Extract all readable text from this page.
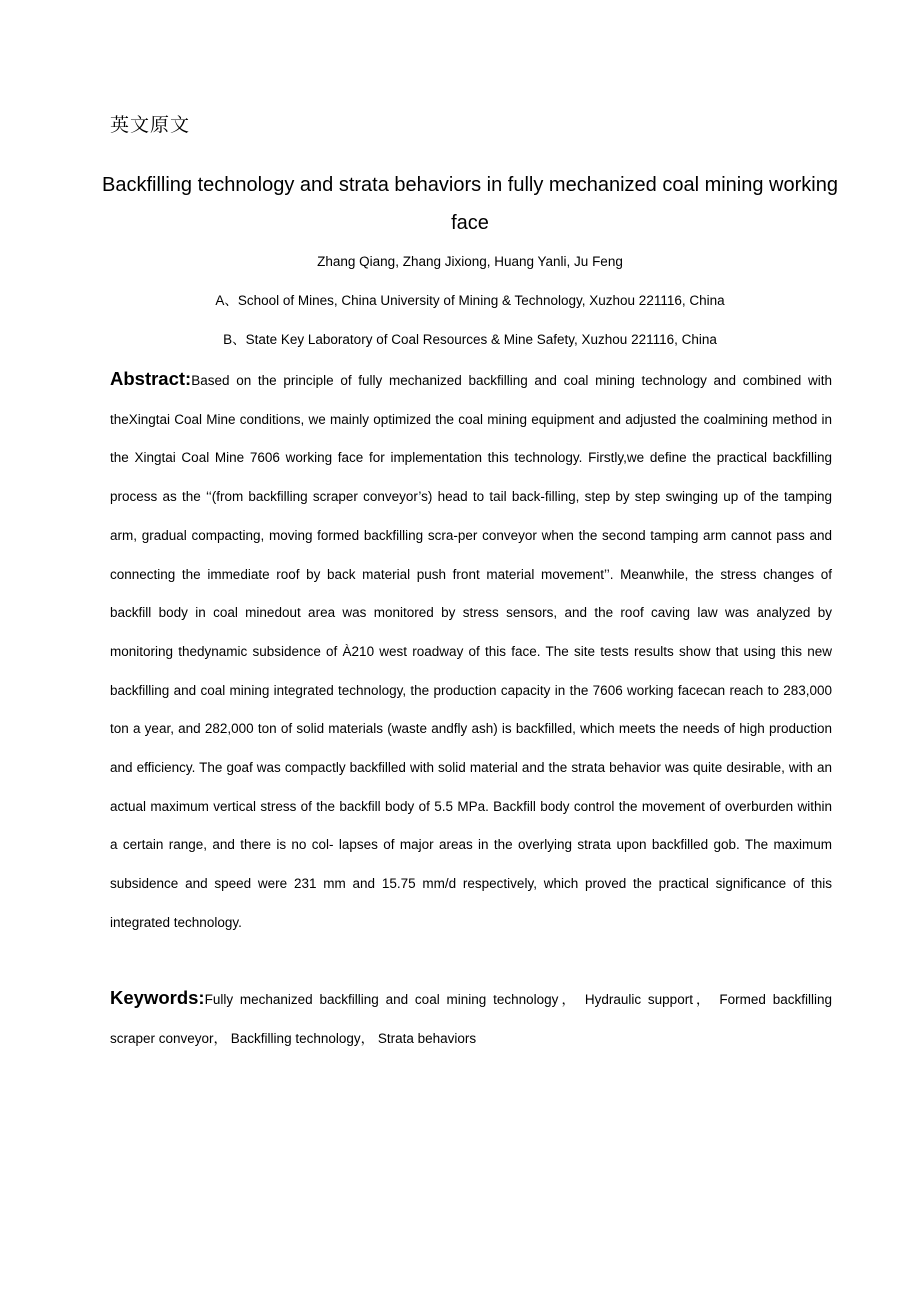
英文原文
Backfilling technology and strata behaviors in fully mechanized coal mining working face
Zhang Qiang, Zhang Jixiong, Huang Yanli, Ju Feng
A、School of Mines, China University of Mining & Technology, Xuzhou 221116, China
B、State Key Laboratory of Coal Resources & Mine Safety, Xuzhou 221116, China
Abstract:Based on the principle of fully mechanized backfilling and coal mining technology and combined with theXingtai Coal Mine conditions, we mainly optimized the coal mining equipment and adjusted the coalmining method in the Xingtai Coal Mine 7606 working face for implementation this technology. Firstly,we define the practical backfilling process as the ‘‘(from backfilling scraper conveyor’s) head to tail back-filling, step by step swinging up of the tamping arm, gradual compacting, moving formed backfilling scra-per conveyor when the second tamping arm cannot pass and connecting the immediate roof by back material push front material movement’’. Meanwhile, the stress changes of backfill body in coal minedout area was monitored by stress sensors, and the roof caving law was analyzed by monitoring thedynamic subsidence of À210 west roadway of this face. The site tests results show that using this new backfilling and coal mining integrated technology, the production capacity in the 7606 working facecan reach to 283,000 ton a year, and 282,000 ton of solid materials (waste andfly ash) is backfilled, which meets the needs of high production and efficiency. The goaf was compactly backfilled with solid material and the strata behavior was quite desirable, with an actual maximum vertical stress of the backfill body of 5.5 MPa. Backfill body control the movement of overburden within a certain range, and there is no col- lapses of major areas in the overlying strata upon backfilled gob. The maximum subsidence and speed were 231 mm and 15.75 mm/d respectively, which proved the practical significance of this integrated technology.
Keywords:Fully mechanized backfilling and coal mining technology， Hydraulic support， Formed backfilling scraper conveyor， Backfilling technology， Strata behaviors
